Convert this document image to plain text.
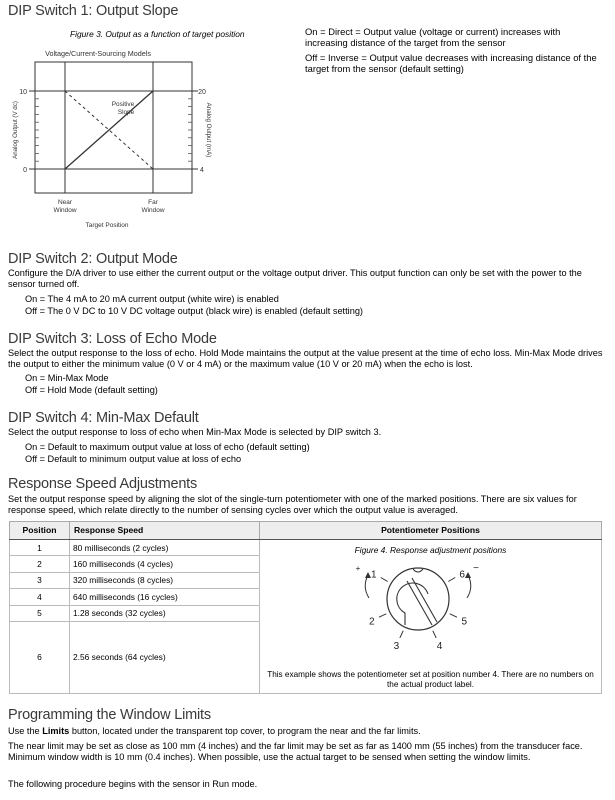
DIP Switch 1: Output Slope
Figure 3. Output as a function of target position
Voltage/Current-Sourcing Models
0
10
4
20
Analog Output (V dc)	Analog Output (mA)
Near
Window
Far
Window
Target Position
Positive
Slope
On = Direct = Output value (voltage or current) increases with increasing distance of the target from the sensor
Off = Inverse = Output value decreases with increasing distance of the target from the sensor (default setting)
DIP Switch 2: Output Mode

Configure the D/A driver to use either the current output or the voltage output driver. This output function can only be set with the power to the sensor turned off.

On = The 4 mA to 20 mA current output (white wire) is enabled

Off = The 0 V DC to 10 V DC voltage output (black wire) is enabled (default setting)

DIP Switch 3: Loss of Echo Mode

Select the output response to the loss of echo. Hold Mode maintains the output at the value present at the time of echo loss. Min-Max Mode drives the output to either the minimum value (0 V or 4 mA) or the maximum value (10 V or 20 mA) when the echo is lost.

On = Min-Max Mode

Off = Hold Mode (default setting)

DIP Switch 4: Min-Max Default

Select the output response to loss of echo when Min-Max Mode is selected by DIP switch 3.

On = Default to maximum output value at loss of echo (default setting)

Off = Default to minimum output value at loss of echo

Response Speed Adjustments

Set the output response speed by aligning the slot of the single-turn potentiometer with one of the marked positions. There are six values for response speed, which relate directly to the number of sensing cycles over which the output value is averaged.

Position	Response Speed	Potentiometer Positions
1	80 milliseconds (2 cycles)	Figure 4. Response adjustment positions
1
2
3	4
5
6
+	−
This example shows the potentiometer set at position number 4. There are no numbers on the actual product label.

2	160 milliseconds (4 cycles)	
3	320 milliseconds (8 cycles)	
4	640 milliseconds (16 cycles)	
5	1.28 seconds (32 cycles)	
6	2.56 seconds (64 cycles)	
Programming the Window Limits

Use the Limits button, located under the transparent top cover, to program the near and the far limits.

The near limit may be set as close as 100 mm (4 inches) and the far limit may be set as far as 1400 mm (55 inches) from the transducer face. Minimum window width is 10 mm (0.4 inches). When possible, use the actual target to be sensed when setting the window limits.

The following procedure begins with the sensor in Run mode.
